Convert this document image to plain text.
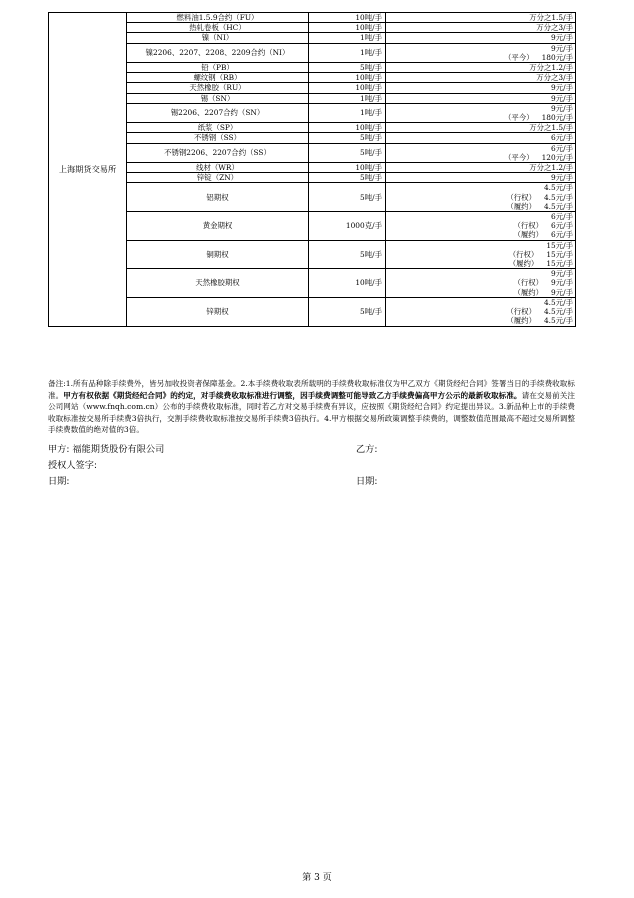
上海期货交易所	燃料油1.5.9合约（FU）	10吨/手	万分之1.5/手

	热轧卷板（HC）	10吨/手	万分之3/手

	镍（NI）	1吨/手	9元/手

	镍2206、2207、2208、2209合约（NI）	1吨/手	9元/手
（平今） 180元/手

	铅（PB）	5吨/手	万分之1.2/手

	螺纹钢（RB）	10吨/手	万分之3/手

	天然橡胶（RU）	10吨/手	9元/手

	锡（SN）	1吨/手	9元/手

	锡2206、2207合约（SN）	1吨/手	9元/手
（平今） 180元/手

	纸浆（SP）	10吨/手	万分之1.5/手

	不锈钢（SS）	5吨/手	6元/手

	不锈钢2206、2207合约（SS）	5吨/手	6元/手
（平今） 120元/手

	线材（WR）	10吨/手	万分之1.2/手

	锌锭（ZN）	5吨/手	9元/手

	铝期权	5吨/手	4.5元/手
（行权） 4.5元/手
（履约） 4.5元/手

	黄金期权	1000克/手	6元/手
（行权） 6元/手
（履约） 6元/手

	铜期权	5吨/手	15元/手
（行权） 15元/手
（履约） 15元/手

	天然橡胶期权	10吨/手	9元/手
（行权） 9元/手
（履约） 9元/手

	锌期权	5吨/手	4.5元/手
（行权） 4.5元/手
（履约） 4.5元/手
备注:1.所有品种除手续费外，皆另加收投资者保障基金。2.本手续费收取表所载明的手续费收取标准仅为甲乙双方《期货经纪合同》签署当日的手续费收取标准。甲方有权依据《期货经纪合同》的约定，对手续费收取标准进行调整，因手续费调整可能导致乙方手续费偏高甲方公示的最新收取标准。请在交易前关注公司网站（www.fnqh.com.cn）公布的手续费收取标准，同时若乙方对交易手续费有异议，应按照《期货经纪合同》约定提出异议。3.新品种上市的手续费收取标准按交易所手续费3倍执行，交割手续费收取标准按交易所手续费3倍执行。4.甲方根据交易所政策调整手续费的，调整数值范围最高不超过交易所调整手续费数值的绝对值的3倍。
甲方: 福能期货股份有限公司	乙方:
授权人签字:
日期:	日期:
第 3 页
